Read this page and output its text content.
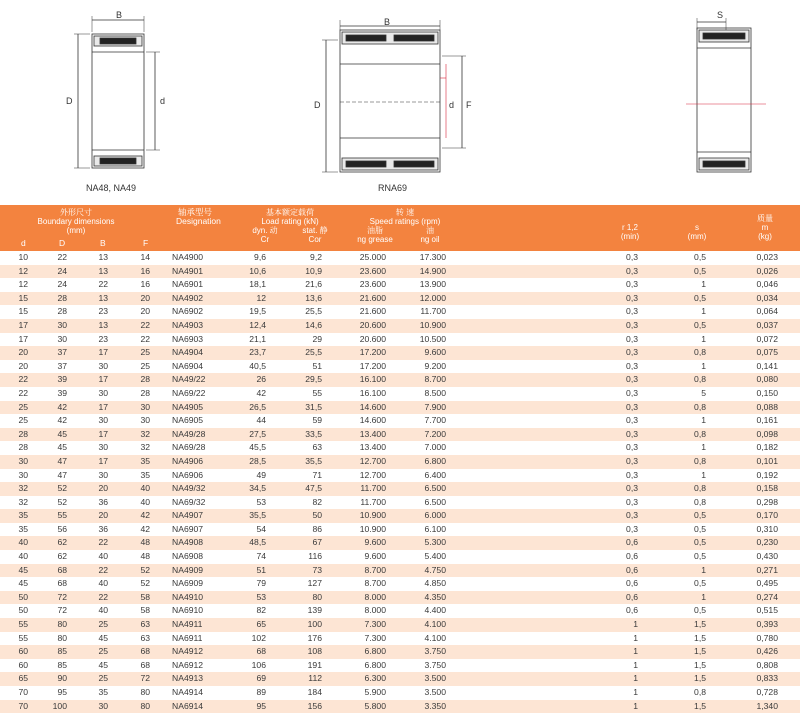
B
D	d
NA48, NA49
B
D	d F
RNA69
S
外形尺寸
Boundary dimensions
(mm)
轴承型号
Designation
基本额定载荷
Load rating (kN)
dyn. 动
Cr
stat. 静
Cor
转 速
Speed ratings (rpm)
油脂
ng grease
油
ng oil
r 1,2
(min)
s
(mm)
质量
m
(kg)
d	D	B	F
10	22	13	14	NA4900	9,6	9,2	25.000	17.300	0,3	0,5	0,023
12	24	13	16	NA4901	10,6	10,9	23.600	14.900	0,3	0,5	0,026
12	24	22	16	NA6901	18,1	21,6	23.600	13.900	0,3	1	0,046
15	28	13	20	NA4902	12	13,6	21.600	12.000	0,3	0,5	0,034
15	28	23	20	NA6902	19,5	25,5	21.600	11.700	0,3	1	0,064
17	30	13	22	NA4903	12,4	14,6	20.600	10.900	0,3	0,5	0,037
17	30	23	22	NA6903	21,1	29	20.600	10.500	0,3	1	0,072
20	37	17	25	NA4904	23,7	25,5	17.200	9.600	0,3	0,8	0,075
20	37	30	25	NA6904	40,5	51	17.200	9.200	0,3	1	0,141
22	39	17	28	NA49/22	26	29,5	16.100	8.700	0,3	0,8	0,080
22	39	30	28	NA69/22	42	55	16.100	8.500	0,3	5	0,150
25	42	17	30	NA4905	26,5	31,5	14.600	7.900	0,3	0,8	0,088
25	42	30	30	NA6905	44	59	14.600	7.700	0,3	1	0,161
28	45	17	32	NA49/28	27,5	33,5	13.400	7.200	0,3	0,8	0,098
28	45	30	32	NA69/28	45,5	63	13.400	7.000	0,3	1	0,182
30	47	17	35	NA4906	28,5	35,5	12.700	6.800	0,3	0,8	0,101
30	47	30	35	NA6906	49	71	12.700	6.400	0,3	1	0,192
32	52	20	40	NA49/32	34,5	47,5	11.700	6.500	0,3	0,8	0,158
32	52	36	40	NA69/32	53	82	11.700	6.500	0,3	0,8	0,298
35	55	20	42	NA4907	35,5	50	10.900	6.000	0,3	0,5	0,170
35	56	36	42	NA6907	54	86	10.900	6.100	0,3	0,5	0,310
40	62	22	48	NA4908	48,5	67	9.600	5.300	0,6	0,5	0,230
40	62	40	48	NA6908	74	116	9.600	5.400	0,6	0,5	0,430
45	68	22	52	NA4909	51	73	8.700	4.750	0,6	1	0,271
45	68	40	52	NA6909	79	127	8.700	4.850	0,6	0,5	0,495
50	72	22	58	NA4910	53	80	8.000	4.350	0,6	1	0,274
50	72	40	58	NA6910	82	139	8.000	4.400	0,6	0,5	0,515
55	80	25	63	NA4911	65	100	7.300	4.100	1	1,5	0,393
55	80	45	63	NA6911	102	176	7.300	4.100	1	1,5	0,780
60	85	25	68	NA4912	68	108	6.800	3.750	1	1,5	0,426
60	85	45	68	NA6912	106	191	6.800	3.750	1	1,5	0,808
65	90	25	72	NA4913	69	112	6.300	3.500	1	1,5	0,833
70	95	35	80	NA4914	89	184	5.900	3.500	1	0,8	0,728
70	100	30	80	NA6914	95	156	5.800	3.350	1	1,5	1,340
